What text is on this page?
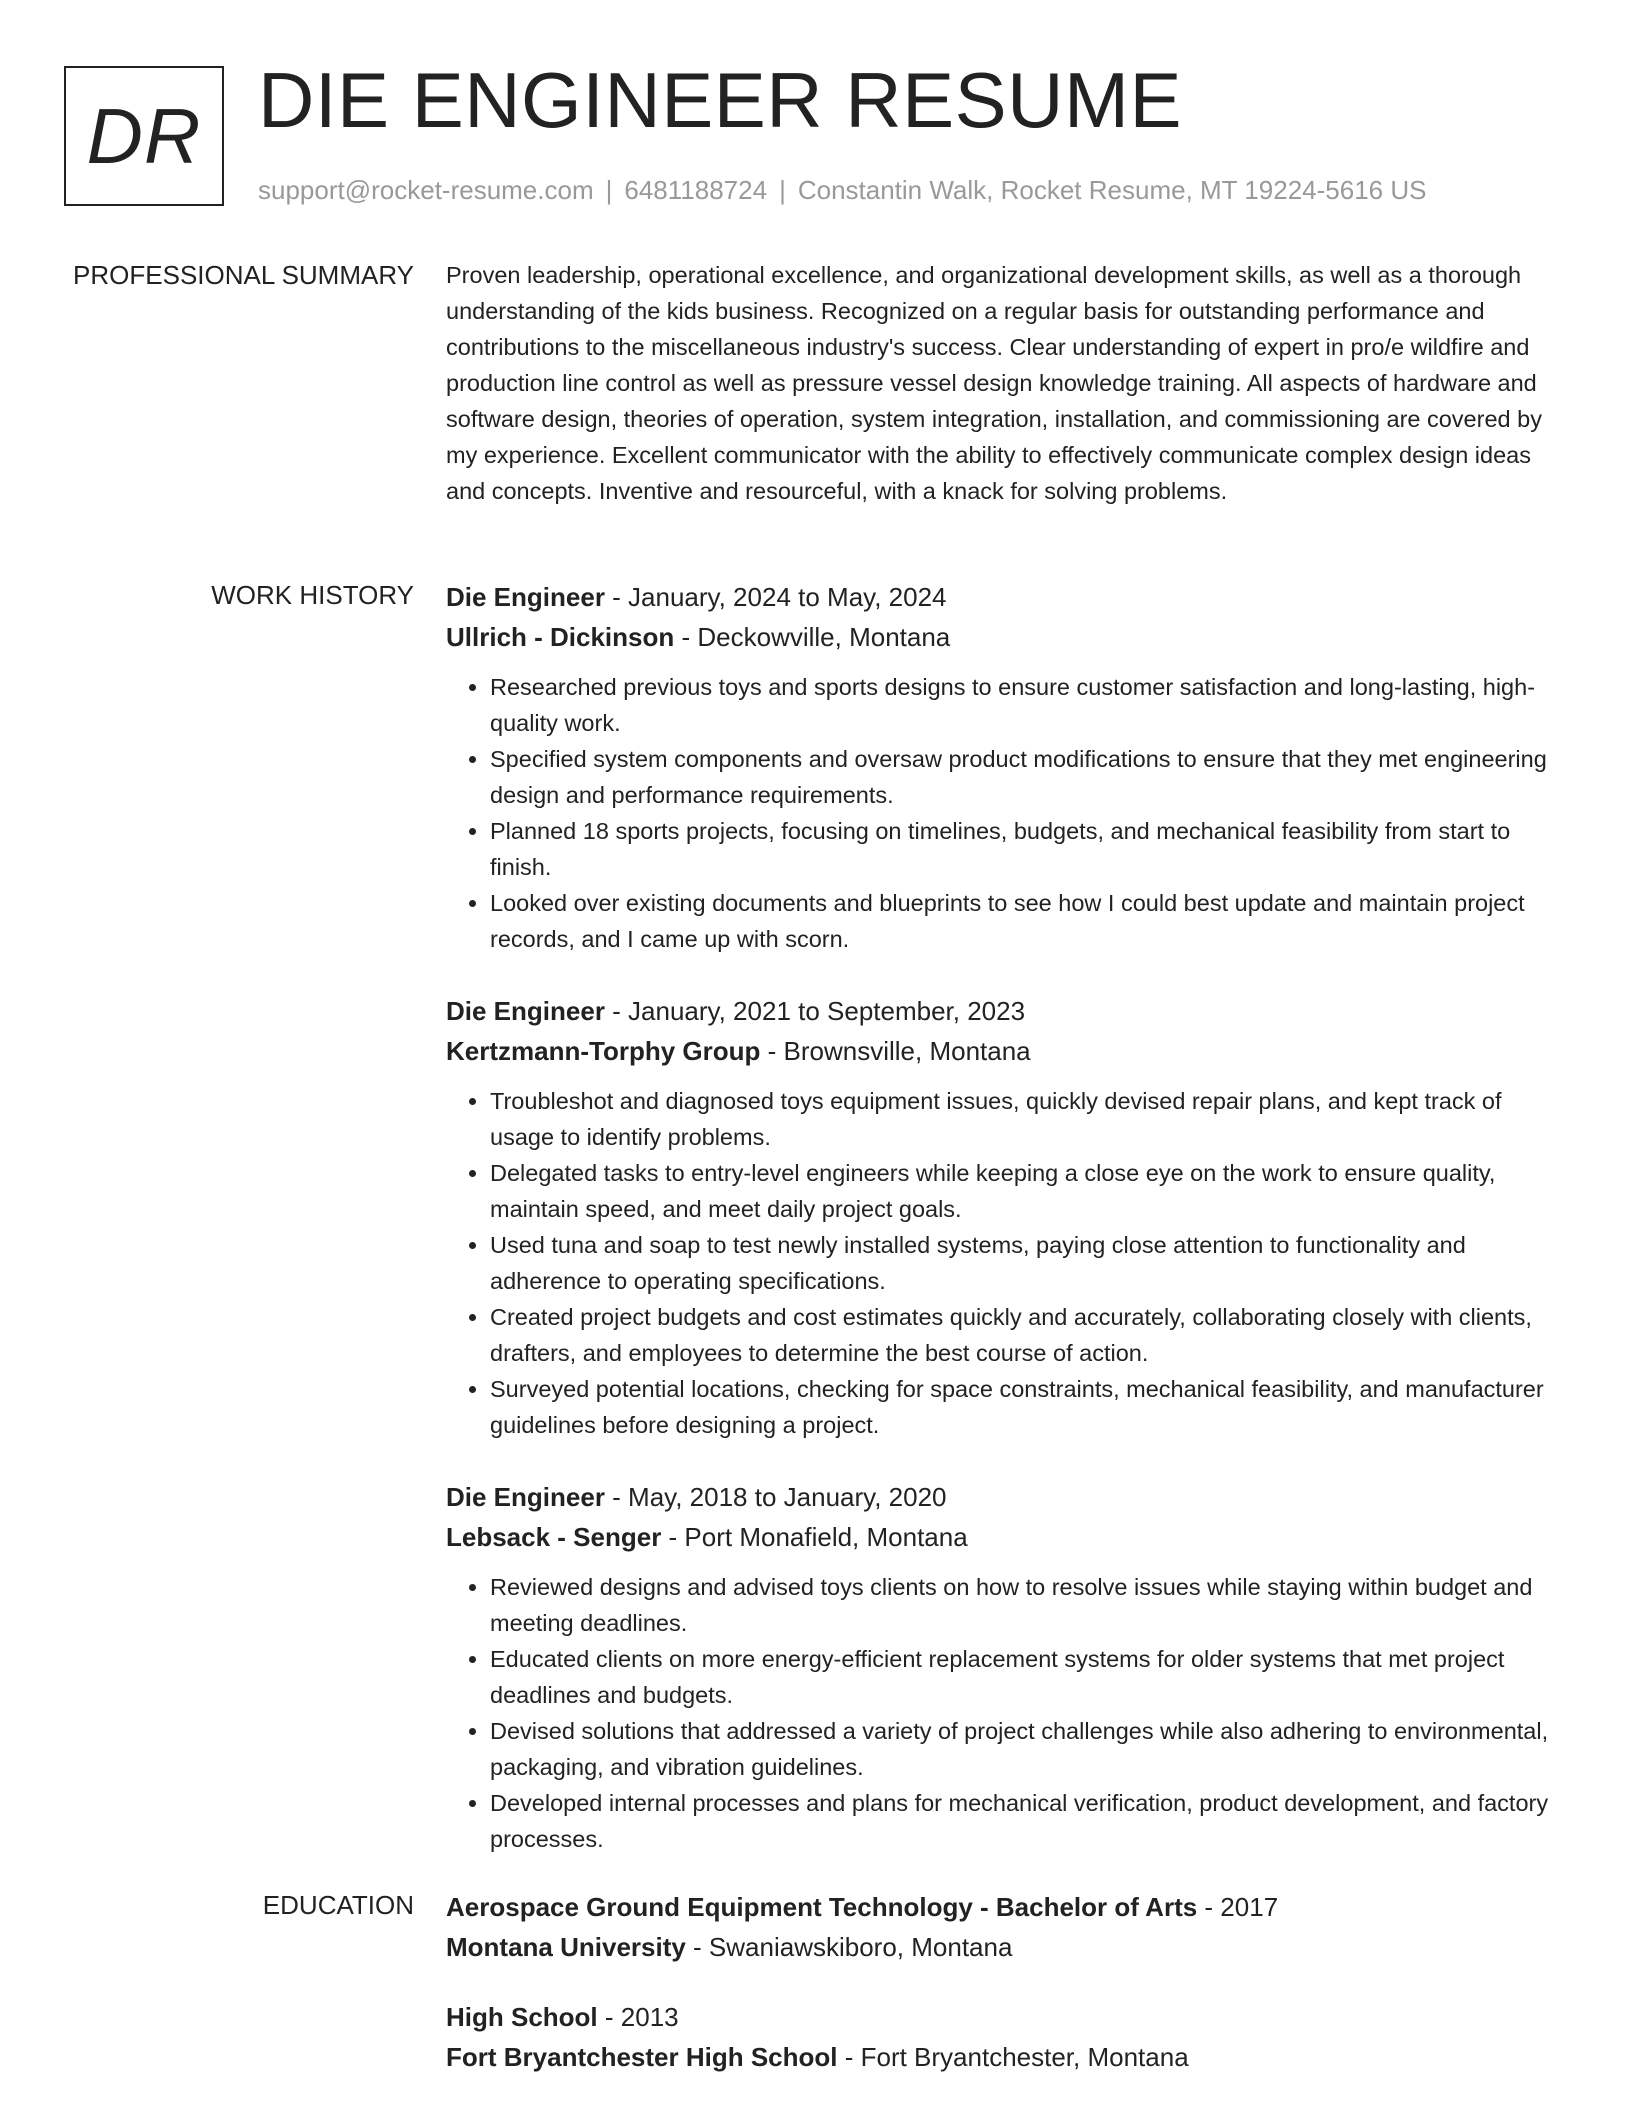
DR DIE ENGINEER RESUME
support@rocket-resume.com | 6481188724 | Constantin Walk, Rocket Resume, MT 19224-5616 US
PROFESSIONAL SUMMARY Proven leadership, operational excellence, and organizational development skills, as well as a thorough understanding of the kids business. Recognized on a regular basis for outstanding performance and contributions to the miscellaneous industry's success. Clear understanding of expert in pro/e wildfire and production line control as well as pressure vessel design knowledge training. All aspects of hardware and software design, theories of operation, system integration, installation, and commissioning are covered by my experience. Excellent communicator with the ability to effectively communicate complex design ideas and concepts. Inventive and resourceful, with a knack for solving problems.

WORK HISTORY Die Engineer - January, 2024 to May, 2024
Ullrich - Dickinson - Deckowville, Montana
• Researched previous toys and sports designs to ensure customer satisfaction and long-lasting, high-quality work.
• Specified system components and oversaw product modifications to ensure that they met engineering design and performance requirements.
• Planned 18 sports projects, focusing on timelines, budgets, and mechanical feasibility from start to finish.
• Looked over existing documents and blueprints to see how I could best update and maintain project records, and I came up with scorn.
Die Engineer - January, 2021 to September, 2023
Kertzmann-Torphy Group - Brownsville, Montana
• Troubleshot and diagnosed toys equipment issues, quickly devised repair plans, and kept track of usage to identify problems.
• Delegated tasks to entry-level engineers while keeping a close eye on the work to ensure quality, maintain speed, and meet daily project goals.
• Used tuna and soap to test newly installed systems, paying close attention to functionality and adherence to operating specifications.
• Created project budgets and cost estimates quickly and accurately, collaborating closely with clients, drafters, and employees to determine the best course of action.
• Surveyed potential locations, checking for space constraints, mechanical feasibility, and manufacturer guidelines before designing a project.
Die Engineer - May, 2018 to January, 2020
Lebsack - Senger - Port Monafield, Montana
• Reviewed designs and advised toys clients on how to resolve issues while staying within budget and meeting deadlines.
• Educated clients on more energy-efficient replacement systems for older systems that met project deadlines and budgets.
• Devised solutions that addressed a variety of project challenges while also adhering to environmental, packaging, and vibration guidelines.
• Developed internal processes and plans for mechanical verification, product development, and factory processes.
EDUCATION Aerospace Ground Equipment Technology - Bachelor of Arts - 2017
Montana University - Swaniawskiboro, Montana
High School - 2013
Fort Bryantchester High School - Fort Bryantchester, Montana
